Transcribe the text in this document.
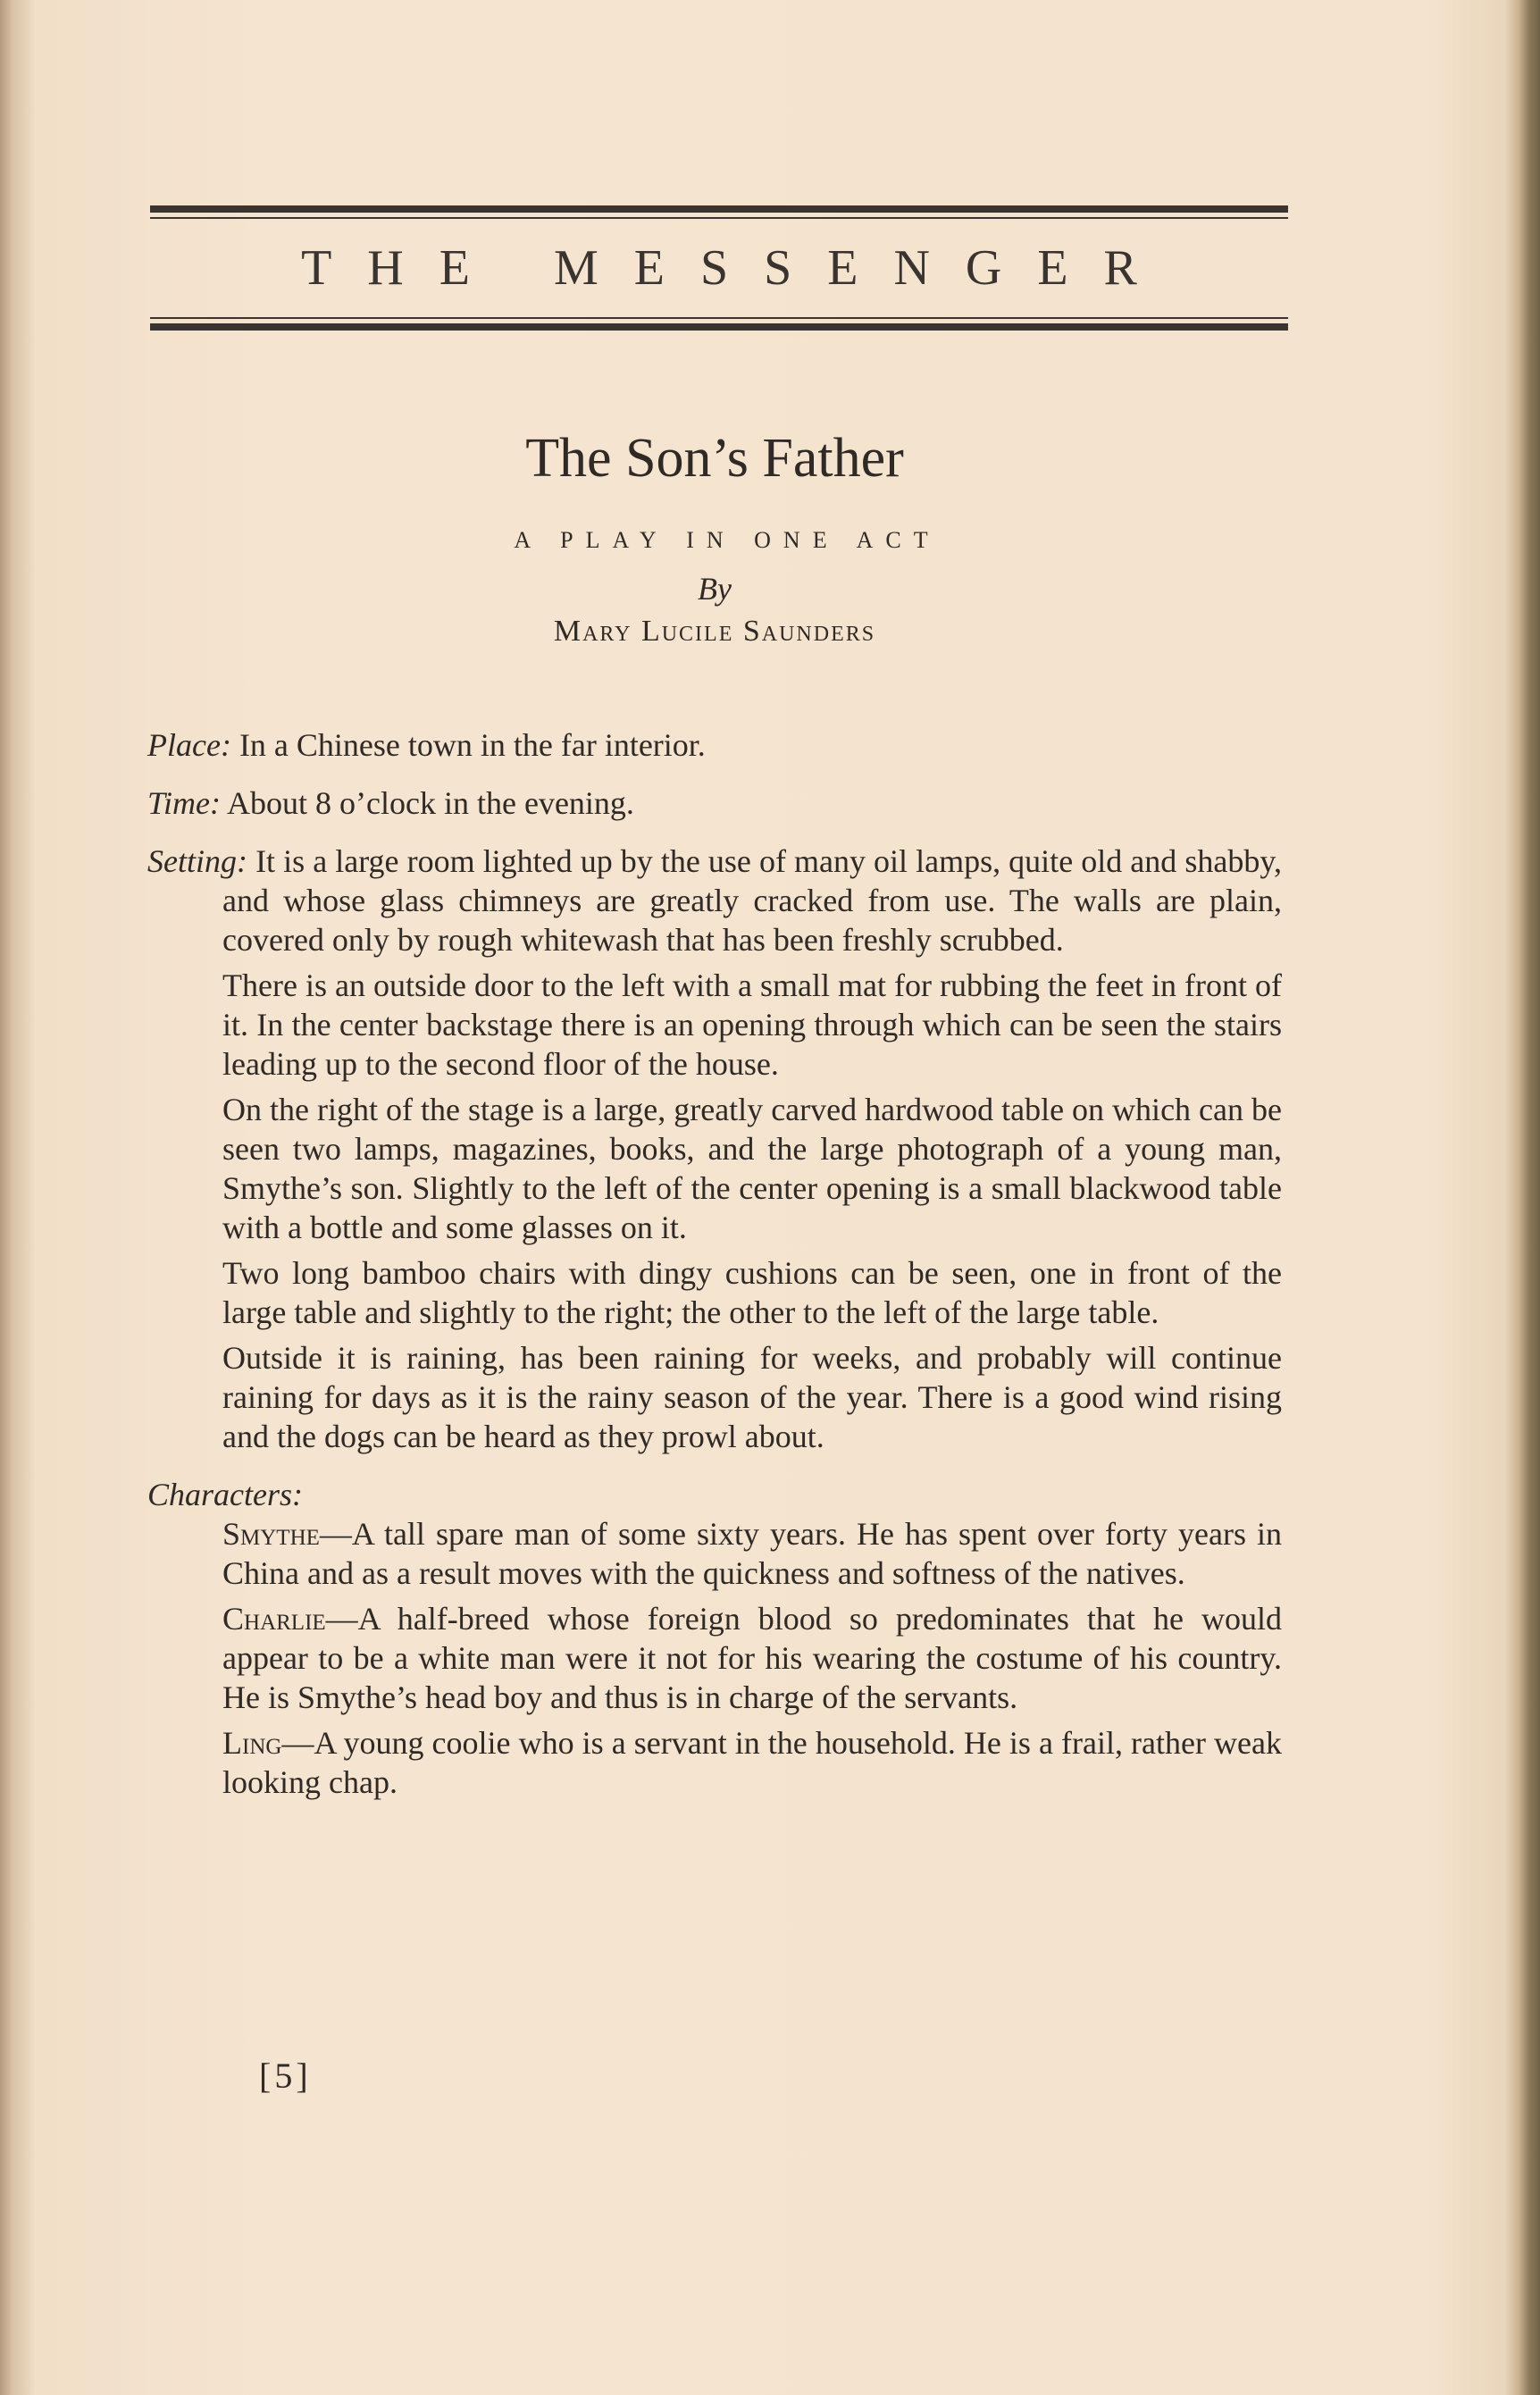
THE MESSENGER
The Son’s Father
A PLAY IN ONE ACT
By
Mary Lucile Saunders
Place: In a Chinese town in the far interior.
Time: About 8 o’clock in the evening.
Setting: It is a large room lighted up by the use of many oil lamps, quite old and shabby, and whose glass chimneys are greatly cracked from use. The walls are plain, covered only by rough whitewash that has been freshly scrubbed.
There is an outside door to the left with a small mat for rubbing the feet in front of it. In the center backstage there is an opening through which can be seen the stairs leading up to the second floor of the house.
On the right of the stage is a large, greatly carved hardwood table on which can be seen two lamps, magazines, books, and the large photograph of a young man, Smythe’s son. Slightly to the left of the center opening is a small blackwood table with a bottle and some glasses on it.
Two long bamboo chairs with dingy cushions can be seen, one in front of the large table and slightly to the right; the other to the left of the large table.
Outside it is raining, has been raining for weeks, and probably will continue raining for days as it is the rainy season of the year. There is a good wind rising and the dogs can be heard as they prowl about.
Characters:
Smythe—A tall spare man of some sixty years. He has spent over forty years in China and as a result moves with the quickness and softness of the natives.
Charlie—A half-breed whose foreign blood so predominates that he would appear to be a white man were it not for his wearing the costume of his country. He is Smythe’s head boy and thus is in charge of the servants.
Ling—A young coolie who is a servant in the household. He is a frail, rather weak looking chap.
[5]
